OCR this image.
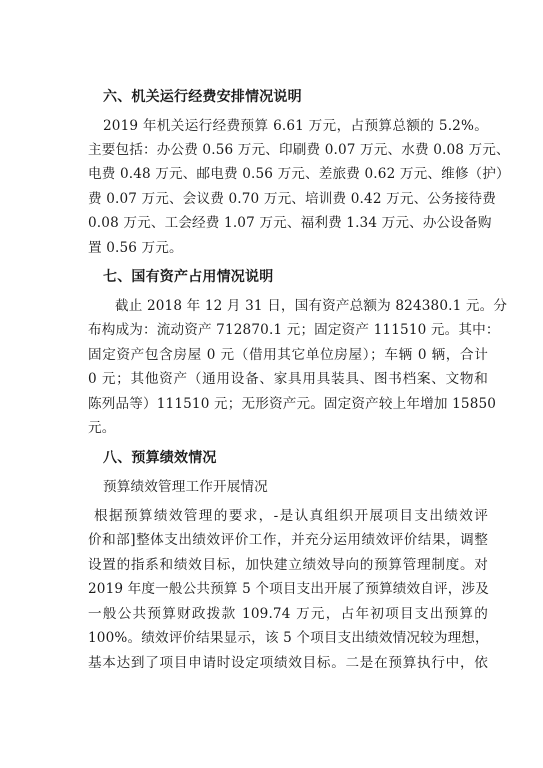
六、机关运行经费安排情况说明
2019 年机关运行经费预算 6.61 万元，占预算总额的 5.2%。
主要包括：办公费 0.56 万元、印刷费 0.07 万元、水费 0.08 万元、
电费 0.48 万元、邮电费 0.56 万元、差旅费 0.62 万元、维修（护）
费 0.07 万元、会议费 0.70 万元、培训费 0.42 万元、公务接待费
0.08 万元、工会经费 1.07 万元、福利费 1.34 万元、办公设备购
置 0.56 万元。
七、国有资产占用情况说明
截止 2018 年 12 月 31 日，国有资产总额为 824380.1 元。分
布构成为：流动资产 712870.1 元；固定资产 111510 元。其中：
固定资产包含房屋 0 元（借用其它单位房屋）；车辆 0 辆，合计
0 元；其他资产（通用设备、家具用具装具、图书档案、文物和
陈列品等）111510 元；无形资产元。固定资产较上年增加 15850
元。
八、预算绩效情况
预算绩效管理工作开展情况
根据预算绩效管理的要求，-是认真组织开展项目支出绩效评
价和部]整体支出绩效评价工作，并充分运用绩效评价结果，调整
设置的指系和绩效目标，加快建立绩效导向的预算管理制度。对
2019 年度一般公共预算 5 个项目支出开展了预算绩效自评，涉及
一般公共预算财政拨款 109.74 万元，占年初项目支出预算的
100%。绩效评价结果显示，该 5 个项目支出绩效情况较为理想，
基本达到了项目申请时设定项绩效目标。二是在预算执行中，依
